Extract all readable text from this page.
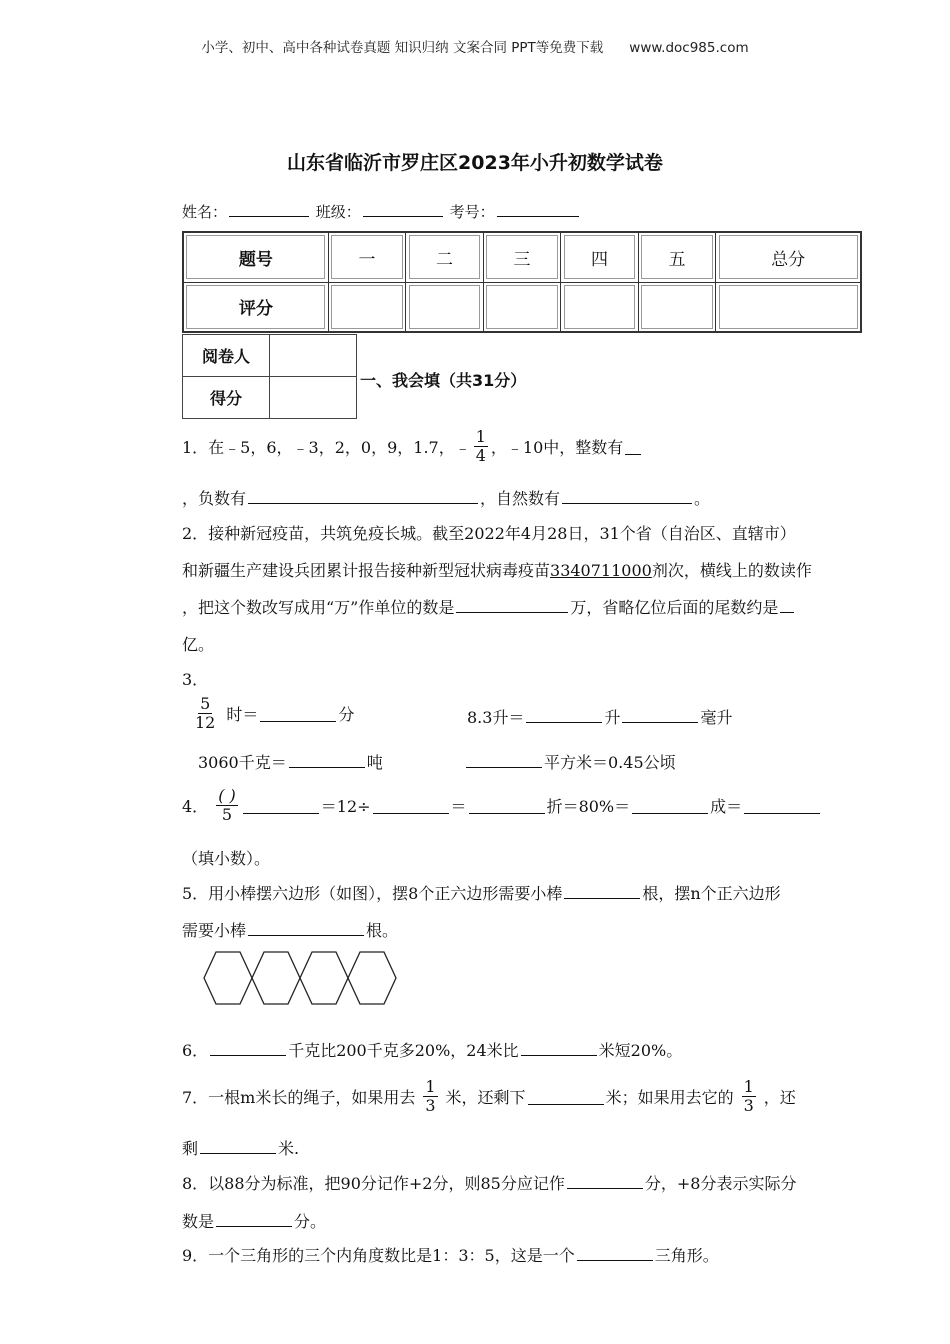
小学、初中、高中各种试卷真题 知识归纳 文案合同 PPT等免费下载 www.doc985.com
山东省临沂市罗庄区2023年小升初数学试卷
姓名：	班级：	考号：
题号	一	二	三	四	五	总分
评分						
阅卷人	
得分	
一、我会填（共31分）
1．在﹣5，6，﹣3，2，0，9，1.7，﹣ $\frac{1}{4}$ ，﹣10中，整数有
，负数有	，自然数有	。
2．接种新冠疫苗，共筑免疫长城。截至2022年4月28日，31个省（自治区、直辖市）
和新疆生产建设兵团累计报告接种新型冠状病毒疫苗3340711000剂次，横线上的数读作
，把这个数改写成用“万”作单位的数是	万，省略亿位后面的尾数约是
亿。
3．
$\frac{5}{12}$ 时＝	分	8.3升＝	升	毫升
3060千克＝	吨	平方米＝0.45公顷
4． $\frac{( )}{5}$	＝12÷	＝	折＝80%＝	成＝
（填小数）。
5．用小棒摆六边形（如图），摆8个正六边形需要小棒	根，摆n个正六边形
需要小棒	根。
6．	千克比200千克多20%，24米比	米短20%。
7．一根m米长的绳子，如果用去 $\frac{1}{3}$ 米，还剩下	米；如果用去它的 $\frac{1}{3}$ ，还
剩	米.
8．以88分为标准，把90分记作+2分，则85分应记作	分，+8分表示实际分
数是	分。
9．一个三角形的三个内角度数比是1：3：5，这是一个	三角形。
